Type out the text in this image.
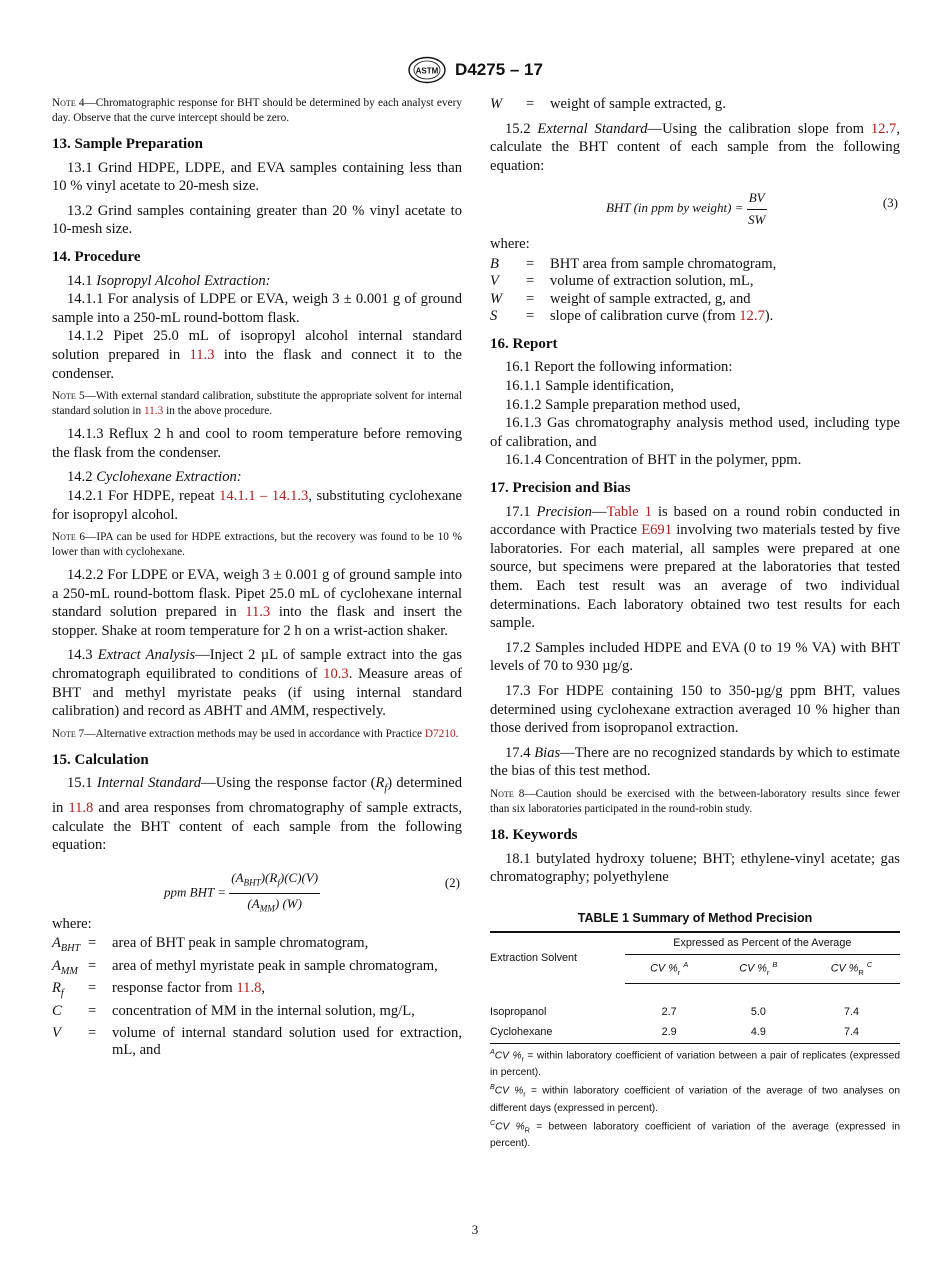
ASTM D4275 – 17

Note 4—Chromatographic response for BHT should be determined by each analyst every day. Observe that the curve intercept should be zero.

13. Sample Preparation

13.1 Grind HDPE, LDPE, and EVA samples containing less than 10 % vinyl acetate to 20-mesh size.

13.2 Grind samples containing greater than 20 % vinyl acetate to 10-mesh size.

14. Procedure

14.1 Isopropyl Alcohol Extraction:

14.1.1 For analysis of LDPE or EVA, weigh 3 ± 0.001 g of ground sample into a 250-mL round-bottom flask.

14.1.2 Pipet 25.0 mL of isopropyl alcohol internal standard solution prepared in 11.3 into the flask and connect it to the condenser.

Note 5—With external standard calibration, substitute the appropriate solvent for internal standard solution in 11.3 in the above procedure.

14.1.3 Reflux 2 h and cool to room temperature before removing the flask from the condenser.

14.2 Cyclohexane Extraction:

14.2.1 For HDPE, repeat 14.1.1 – 14.1.3, substituting cyclohexane for isopropyl alcohol.

Note 6—IPA can be used for HDPE extractions, but the recovery was found to be 10 % lower than with cyclohexane.

14.2.2 For LDPE or EVA, weigh 3 ± 0.001 g of ground sample into a 250-mL round-bottom flask. Pipet 25.0 mL of cyclohexane internal standard solution prepared in 11.3 into the flask and insert the stopper. Shake at room temperature for 2 h on a wrist-action shaker.

14.3 Extract Analysis—Inject 2 µL of sample extract into the gas chromatograph equilibrated to conditions of 10.3. Measure areas of BHT and methyl myristate peaks (if using internal standard calibration) and record as ABHT and AMM, respectively.

Note 7—Alternative extraction methods may be used in accordance with Practice D7210.

15. Calculation

15.1 Internal Standard—Using the response factor $(R_f)$ determined in 11.8 and area responses from chromatography of sample extracts, calculate the BHT content of each sample from the following equation:

ppm BHT = $\frac{(A_{BHT})(R_f)(C)(V)}{(A_{MM}) (W)}$	(2)

where:

$A_{BHT}$	=	area of BHT peak in sample chromatogram,
$A_{MM}$	=	area of methyl myristate peak in sample chromatogram,
$R_f$	=	response factor from 11.8,
C	=	concentration of MM in the internal solution, mg/L,
V	=	volume of internal standard solution used for extraction, mL, and
W	=	weight of sample extracted, g.

15.2 External Standard—Using the calibration slope from 12.7, calculate the BHT content of each sample from the following equation:

BHT (in ppm by weight) = $\frac{BV}{SW}$	(3)

where:

B	=	BHT area from sample chromatogram,
V	=	volume of extraction solution, mL,
W	=	weight of sample extracted, g, and
S	=	slope of calibration curve (from 12.7).

16. Report

16.1 Report the following information:

16.1.1 Sample identification,

16.1.2 Sample preparation method used,

16.1.3 Gas chromatography analysis method used, including type of calibration, and

16.1.4 Concentration of BHT in the polymer, ppm.

17. Precision and Bias

17.1 Precision—Table 1 is based on a round robin conducted in accordance with Practice E691 involving two materials tested by five laboratories. For each material, all samples were prepared at one source, but specimens were prepared at the laboratories that tested them. Each test result was an average of two individual determinations. Each laboratory obtained two test results for each sample.

17.2 Samples included HDPE and EVA (0 to 19 % VA) with BHT levels of 70 to 930 µg/g.

17.3 For HDPE containing 150 to 350-µg/g ppm BHT, values determined using cyclohexane extraction averaged 10 % higher than those derived from isopropanol extraction.

17.4 Bias—There are no recognized standards by which to estimate the bias of this test method.

Note 8—Caution should be exercised with the between-laboratory results since fewer than six laboratories participated in the round-robin study.

18. Keywords

18.1 butylated hydroxy toluene; BHT; ethylene-vinyl acetate; gas chromatography; polyethylene

TABLE 1 Summary of Method Precision

Extraction Solvent	Expressed as Percent of the Average		
	CV $\%_r$ $^A$	CV $\%_r$ $^B$	CV $\%_R$ $^C$

Isopropanol	2.7	5.0	7.4
Cyclohexane	2.9	4.9	7.4

$^A$CV $\%_r$ = within laboratory coefficient of variation between a pair of replicates (expressed in percent).

$^B$CV $\%_r$ = within laboratory coefficient of variation of the average of two analyses on different days (expressed in percent).

$^C$CV $\%_R$ = between laboratory coefficient of variation of the average (expressed in percent).

3
